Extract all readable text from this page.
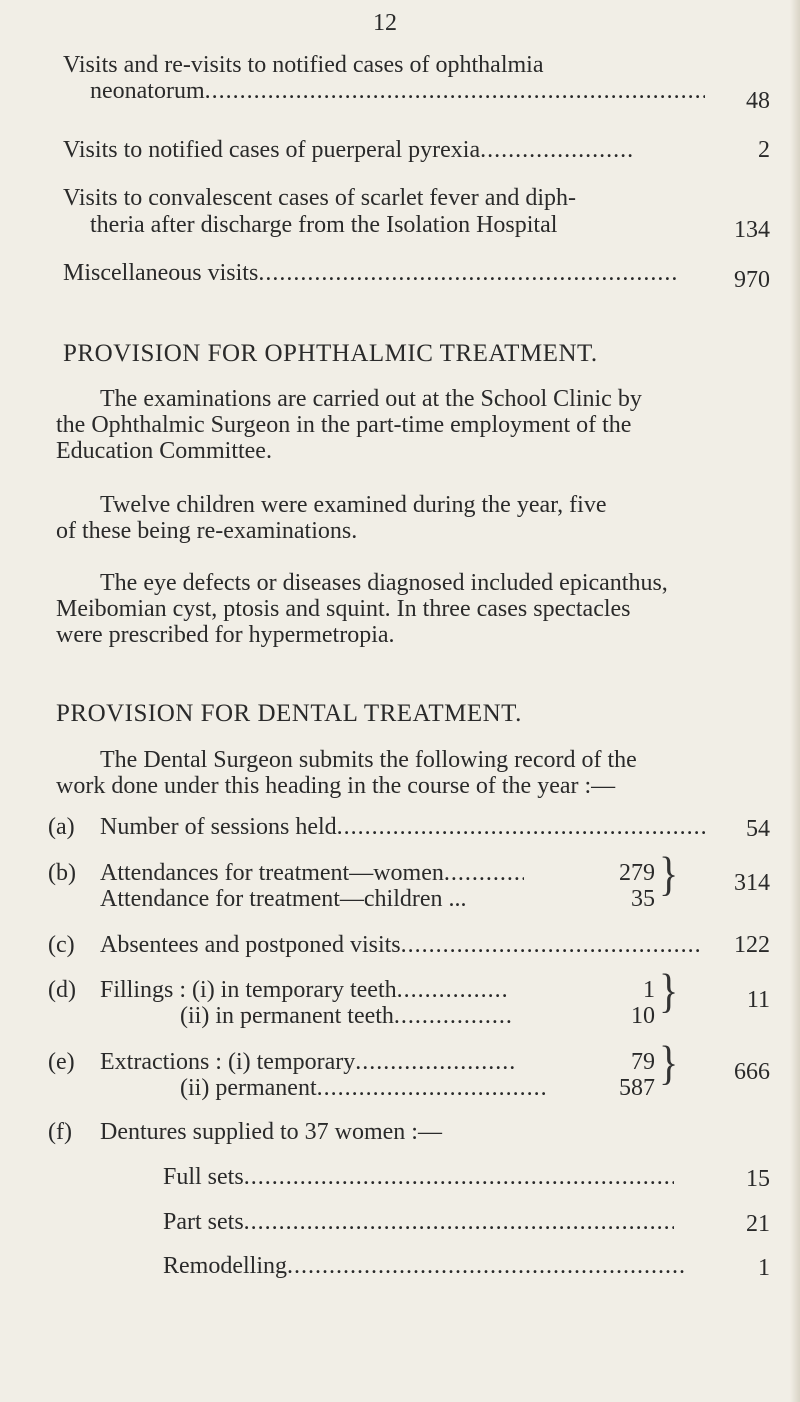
12
Visits and re-visits to notified cases of ophthalmia
neonatorum .....	48
Visits to notified cases of puerperal pyrexia .....	2
Visits to convalescent cases of scarlet fever and diph-
theria after discharge from the Isolation Hospital	134
Miscellaneous visits .....	970
PROVISION FOR OPHTHALMIC TREATMENT.
The examinations are carried out at the School Clinic by
the Ophthalmic Surgeon in the part-time employment of the
Education Committee.
Twelve children were examined during the year, five
of these being re-examinations.
The eye defects or diseases diagnosed included epicanthus,
Meibomian cyst, ptosis and squint. In three cases spectacles
were prescribed for hypermetropia.
PROVISION FOR DENTAL TREATMENT.
The Dental Surgeon submits the following record of the
work done under this heading in the course of the year :—
(a) Number of sessions held .....	54
(b) Attendances for treatment—women .....	279
Attendance for treatment—children ...	35 }	314
(c) Absentees and postponed visits .....	122
(d) Fillings : (i) in temporary teeth .....	1
(ii) in permanent teeth .....	10 }	11
(e) Extractions : (i) temporary .....	79
(ii) permanent .....	587 }	666
(f) Dentures supplied to 37 women :—
Full sets .....	15
Part sets .....	21
Remodelling .....	1
